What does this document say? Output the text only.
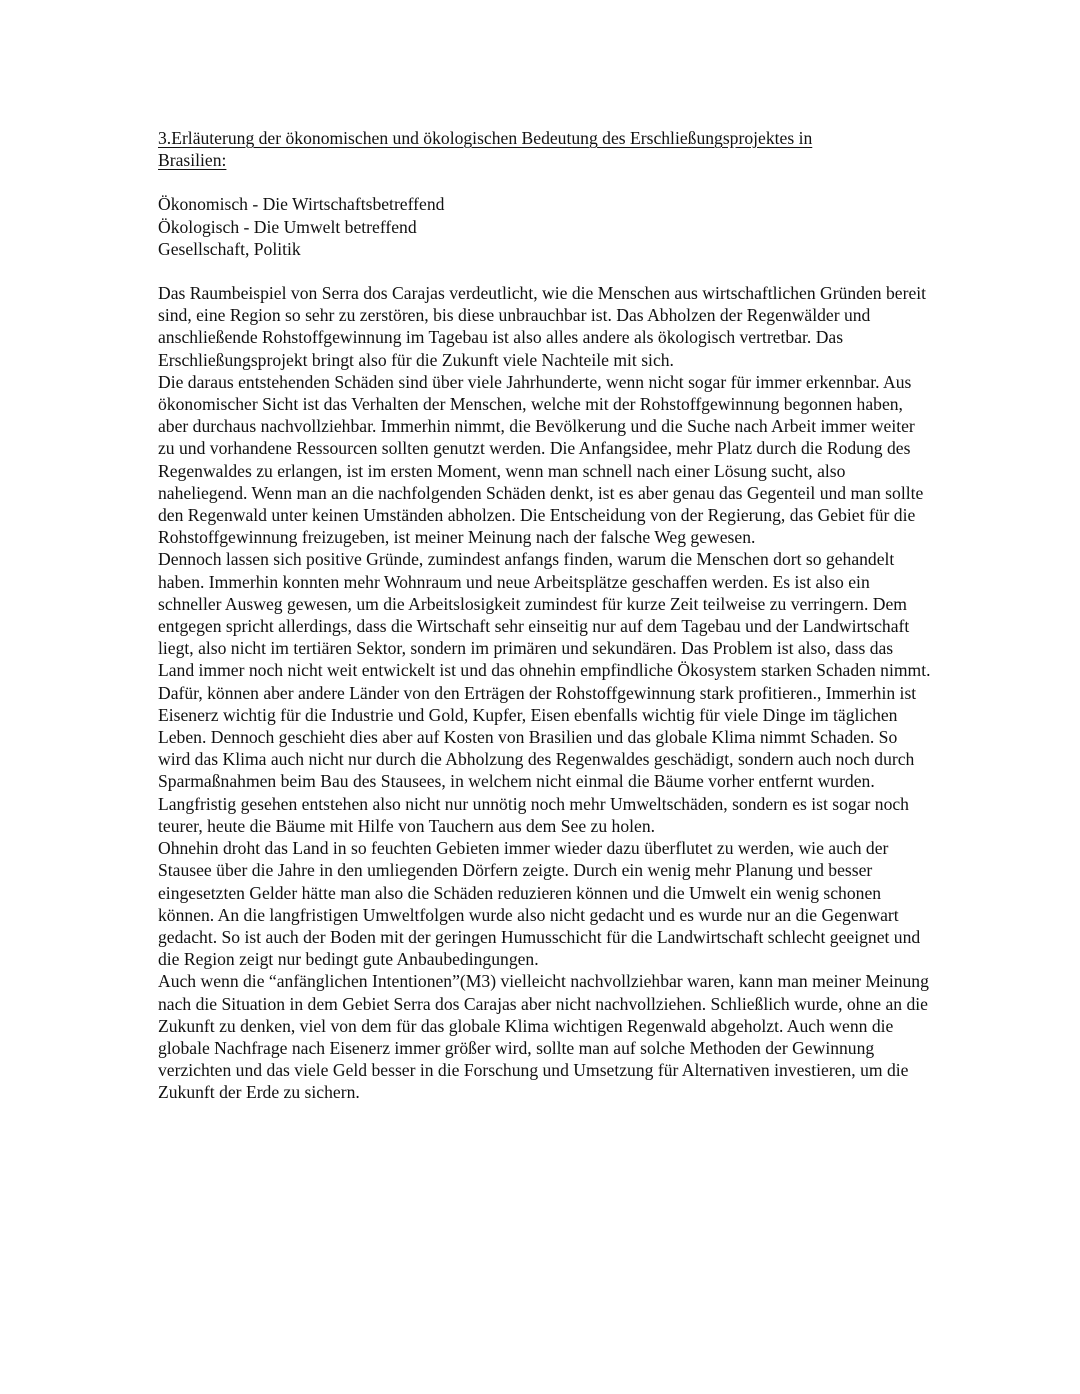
3.Erläuterung der ökonomischen und ökologischen Bedeutung des Erschließungsprojektes in
Brasilien:
Ökonomisch - Die Wirtschaftsbetreffend
Ökologisch - Die Umwelt betreffend
Gesellschaft, Politik

Das Raumbeispiel von Serra dos Carajas verdeutlicht, wie die Menschen aus wirtschaftlichen Gründen bereit sind, eine Region so sehr zu zerstören, bis diese unbrauchbar ist. Das Abholzen der Regenwälder und anschließende Rohstoffgewinnung im Tagebau ist also alles andere als ökologisch vertretbar. Das Erschließungsprojekt bringt also für die Zukunft viele Nachteile mit sich.

Die daraus entstehenden Schäden sind über viele Jahrhunderte, wenn nicht sogar für immer erkennbar. Aus ökonomischer Sicht ist das Verhalten der Menschen, welche mit der Rohstoffgewinnung begonnen haben, aber durchaus nachvollziehbar. Immerhin nimmt, die Bevölkerung und die Suche nach Arbeit immer weiter zu und vorhandene Ressourcen sollten genutzt werden. Die Anfangsidee, mehr Platz durch die Rodung des Regenwaldes zu erlangen, ist im ersten Moment, wenn man schnell nach einer Lösung sucht, also naheliegend. Wenn man an die nachfolgenden Schäden denkt, ist es aber genau das Gegenteil und man sollte den Regenwald unter keinen Umständen abholzen. Die Entscheidung von der Regierung, das Gebiet für die Rohstoffgewinnung freizugeben, ist meiner Meinung nach der falsche Weg gewesen.

Dennoch lassen sich positive Gründe, zumindest anfangs finden, warum die Menschen dort so gehandelt haben. Immerhin konnten mehr Wohnraum und neue Arbeitsplätze geschaffen werden. Es ist also ein schneller Ausweg gewesen, um die Arbeitslosigkeit zumindest für kurze Zeit teilweise zu verringern. Dem entgegen spricht allerdings, dass die Wirtschaft sehr einseitig nur auf dem Tagebau und der Landwirtschaft liegt, also nicht im tertiären Sektor, sondern im primären und sekundären. Das Problem ist also, dass das Land immer noch nicht weit entwickelt ist und das ohnehin empfindliche Ökosystem starken Schaden nimmt.

Dafür, können aber andere Länder von den Erträgen der Rohstoffgewinnung stark profitieren., Immerhin ist Eisenerz wichtig für die Industrie und Gold, Kupfer, Eisen ebenfalls wichtig für viele Dinge im täglichen Leben. Dennoch geschieht dies aber auf Kosten von Brasilien und das globale Klima nimmt Schaden. So wird das Klima auch nicht nur durch die Abholzung des Regenwaldes geschädigt, sondern auch noch durch Sparmaßnahmen beim Bau des Stausees, in welchem nicht einmal die Bäume vorher entfernt wurden.

Langfristig gesehen entstehen also nicht nur unnötig noch mehr Umweltschäden, sondern es ist sogar noch teurer, heute die Bäume mit Hilfe von Tauchern aus dem See zu holen.

Ohnehin droht das Land in so feuchten Gebieten immer wieder dazu überflutet zu werden, wie auch der Stausee über die Jahre in den umliegenden Dörfern zeigte. Durch ein wenig mehr Planung und besser eingesetzten Gelder hätte man also die Schäden reduzieren können und die Umwelt ein wenig schonen können. An die langfristigen Umweltfolgen wurde also nicht gedacht und es wurde nur an die Gegenwart gedacht. So ist auch der Boden mit der geringen Humusschicht für die Landwirtschaft schlecht geeignet und die Region zeigt nur bedingt gute Anbaubedingungen.

Auch wenn die “anfänglichen Intentionen”(M3) vielleicht nachvollziehbar waren, kann man meiner Meinung nach die Situation in dem Gebiet Serra dos Carajas aber nicht nachvollziehen. Schließlich wurde, ohne an die Zukunft zu denken, viel von dem für das globale Klima wichtigen Regenwald abgeholzt. Auch wenn die globale Nachfrage nach Eisenerz immer größer wird, sollte man auf solche Methoden der Gewinnung verzichten und das viele Geld besser in die Forschung und Umsetzung für Alternativen investieren, um die Zukunft der Erde zu sichern.
